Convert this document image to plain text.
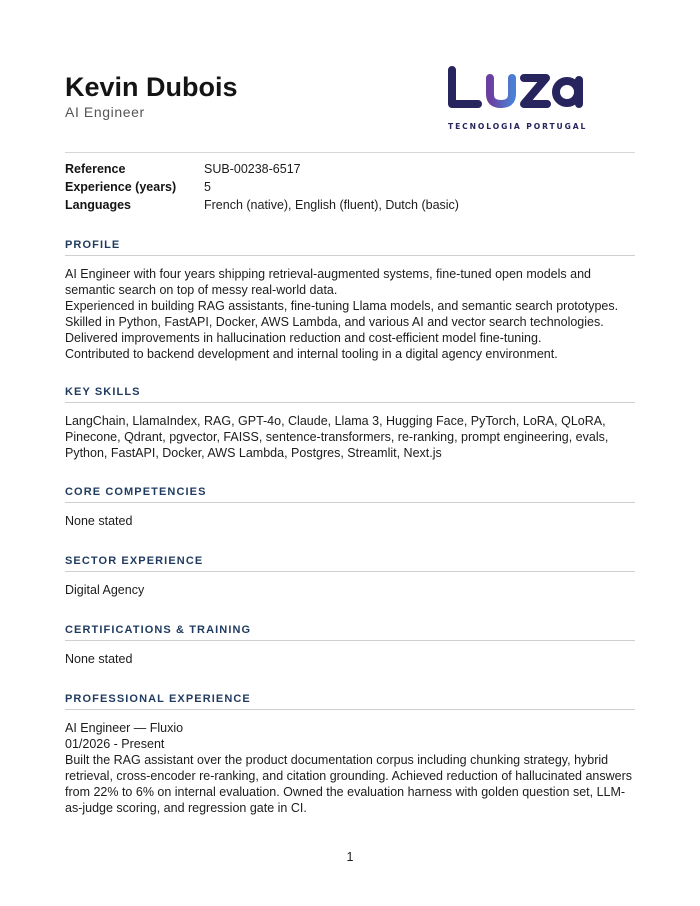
Kevin Dubois
AI Engineer
TECNOLOGIA PORTUGAL
Reference	SUB-00238-6517
Experience (years) 5
Languages	French (native), English (fluent), Dutch (basic)
PROFILE

AI Engineer with four years shipping retrieval-augmented systems, fine-tuned open models and semantic search on top of messy real-world data.

Experienced in building RAG assistants, fine-tuning Llama models, and semantic search prototypes.

Skilled in Python, FastAPI, Docker, AWS Lambda, and various AI and vector search technologies.

Delivered improvements in hallucination reduction and cost-efficient model fine-tuning.

Contributed to backend development and internal tooling in a digital agency environment.

KEY SKILLS
LangChain, LlamaIndex, RAG, GPT-4o, Claude, Llama 3, Hugging Face, PyTorch, LoRA, QLoRA, Pinecone, Qdrant, pgvector, FAISS, sentence-transformers, re-ranking, prompt engineering, evals, Python, FastAPI, Docker, AWS Lambda, Postgres, Streamlit, Next.js
CORE COMPETENCIES
None stated
SECTOR EXPERIENCE
Digital Agency
CERTIFICATIONS & TRAINING
None stated
PROFESSIONAL EXPERIENCE

AI Engineer — Fluxio

01/2026 - Present

Built the RAG assistant over the product documentation corpus including chunking strategy, hybrid retrieval, cross-encoder re-ranking, and citation grounding. Achieved reduction of hallucinated answers from 22% to 6% on internal evaluation. Owned the evaluation harness with golden question set, LLM-as-judge scoring, and regression gate in CI.

1
